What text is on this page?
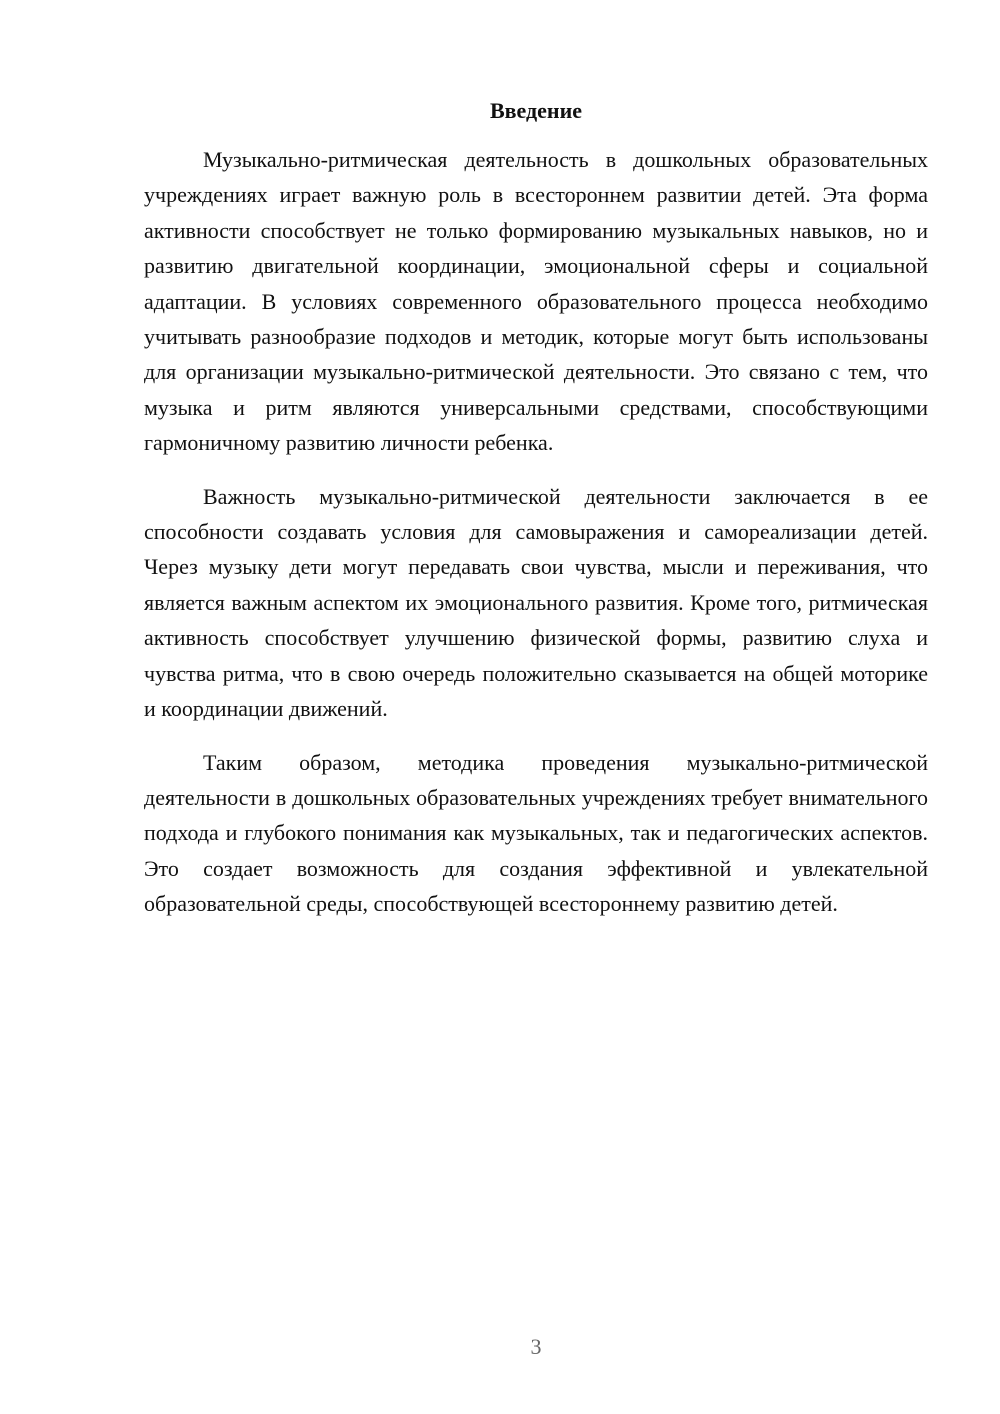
Введение

Музыкально-ритмическая деятельность в дошкольных образовательных учреждениях играет важную роль в всестороннем развитии детей. Эта форма активности способствует не только формированию музыкальных навыков, но и развитию двигательной координации, эмоциональной сферы и социальной адаптации. В условиях современного образовательного процесса необходимо учитывать разнообразие подходов и методик, которые могут быть использованы для организации музыкально-ритмической деятельности. Это связано с тем, что музыка и ритм являются универсальными средствами, способствующими гармоничному развитию личности ребенка.

Важность музыкально-ритмической деятельности заключается в ее способности создавать условия для самовыражения и самореализации детей. Через музыку дети могут передавать свои чувства, мысли и переживания, что является важным аспектом их эмоционального развития. Кроме того, ритмическая активность способствует улучшению физической формы, развитию слуха и чувства ритма, что в свою очередь положительно сказывается на общей моторике и координации движений.

Таким образом, методика проведения музыкально-ритмической деятельности в дошкольных образовательных учреждениях требует внимательного подхода и глубокого понимания как музыкальных, так и педагогических аспектов. Это создает возможность для создания эффективной и увлекательной образовательной среды, способствующей всестороннему развитию детей.

3
